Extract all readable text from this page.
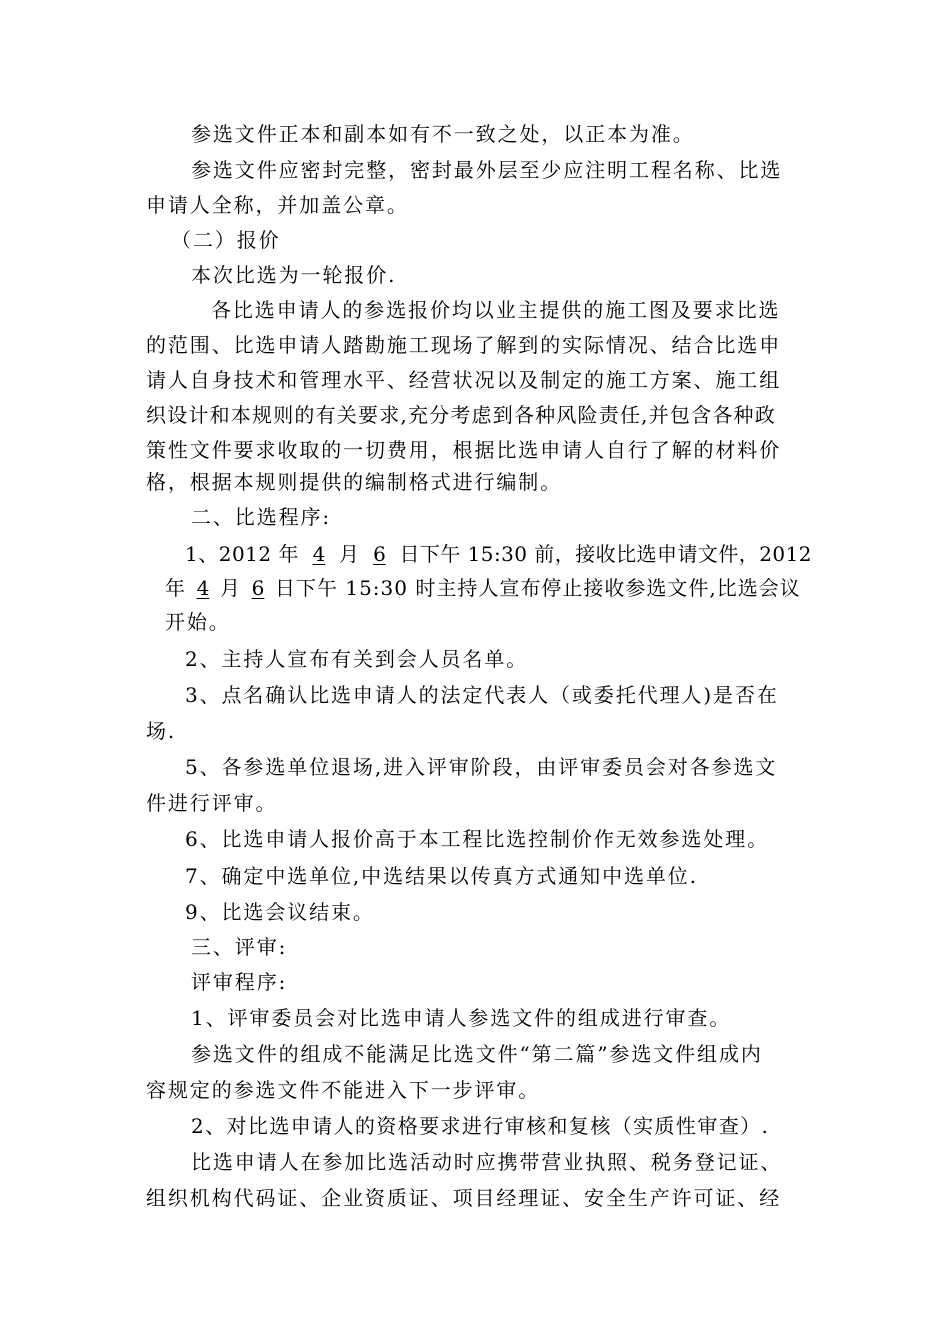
参选文件正本和副本如有不一致之处，以正本为准。

参选文件应密封完整，密封最外层至少应注明工程名称、比选

申请人全称，并加盖公章。

（二）报价

本次比选为一轮报价.

各比选申请人的参选报价均以业主提供的施工图及要求比选

的范围、比选申请人踏勘施工现场了解到的实际情况、结合比选申

请人自身技术和管理水平、经营状况以及制定的施工方案、施工组

织设计和本规则的有关要求,充分考虑到各种风险责任,并包含各种政

策性文件要求收取的一切费用，根据比选申请人自行了解的材料价

格，根据本规则提供的编制格式进行编制。

二、比选程序:

1、2012 年 4 月 6 日下午 15:30 前，接收比选申请文件，2012

年 4 月 6 日下午 15:30 时主持人宣布停止接收参选文件,比选会议

开始。

2、主持人宣布有关到会人员名单。

3、点名确认比选申请人的法定代表人（或委托代理人)是否在

场.

5、各参选单位退场,进入评审阶段，由评审委员会对各参选文

件进行评审。

6、比选申请人报价高于本工程比选控制价作无效参选处理。

7、确定中选单位,中选结果以传真方式通知中选单位.

9、比选会议结束。

三、评审:

评审程序:

1、评审委员会对比选申请人参选文件的组成进行审查。

参选文件的组成不能满足比选文件“第二篇”参选文件组成内

容规定的参选文件不能进入下一步评审。

2、对比选申请人的资格要求进行审核和复核（实质性审查）.

比选申请人在参加比选活动时应携带营业执照、税务登记证、

组织机构代码证、企业资质证、项目经理证、安全生产许可证、经
